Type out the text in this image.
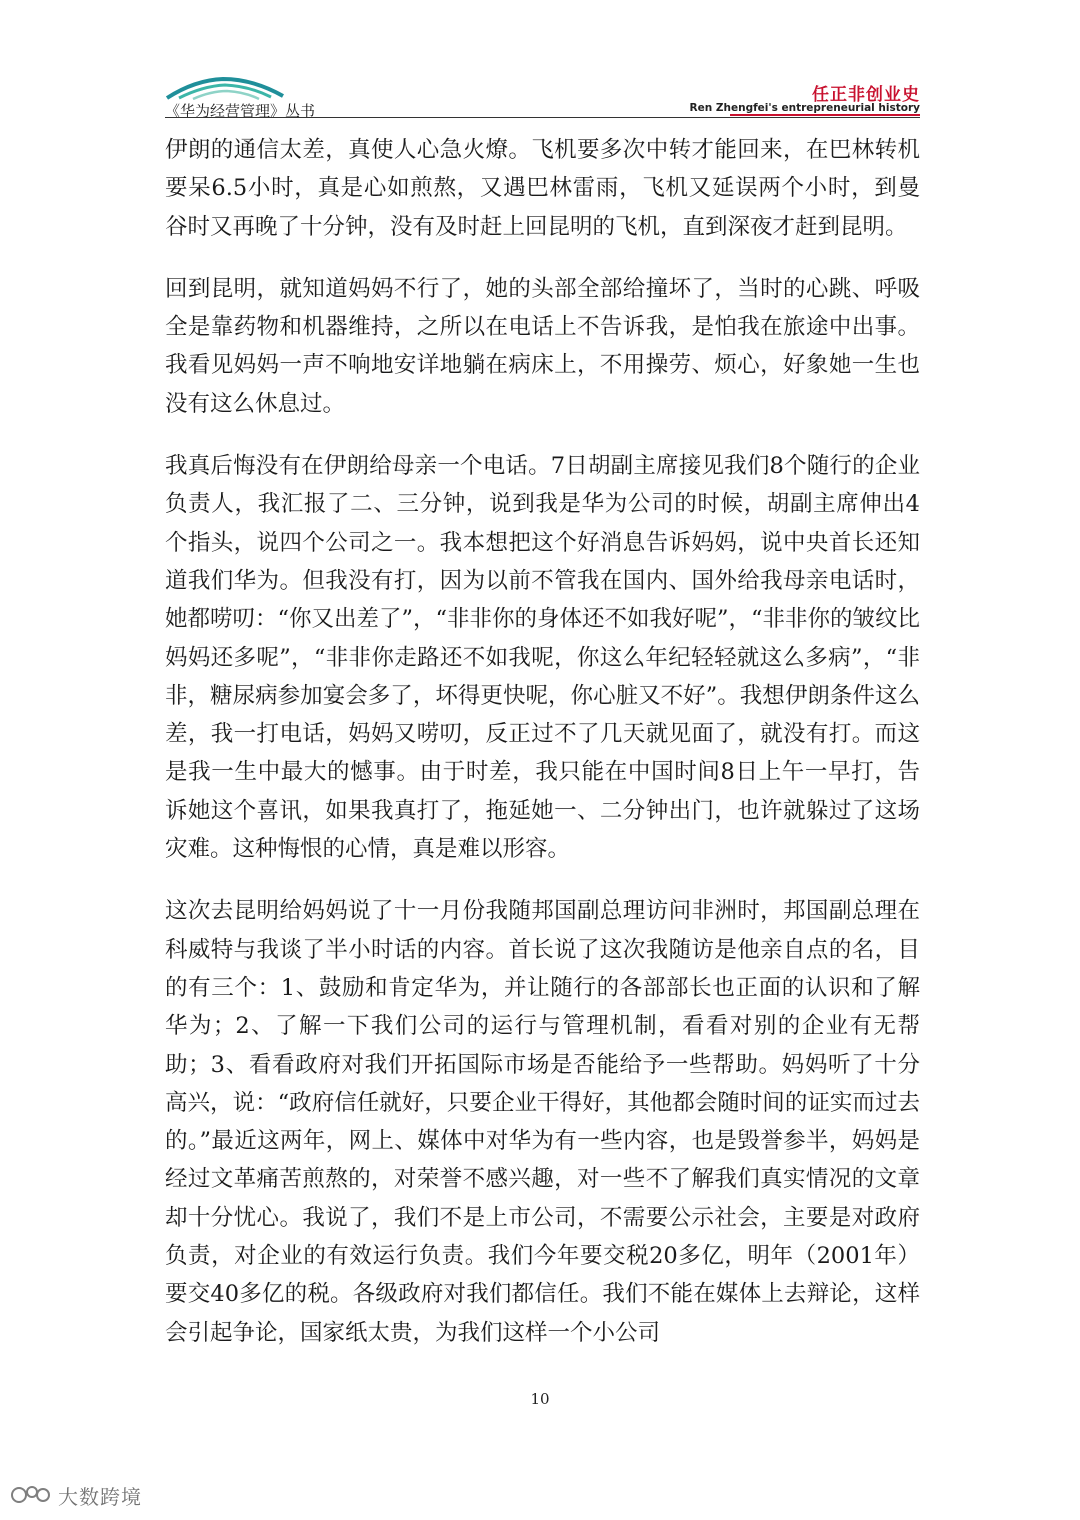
《华为经营管理》丛书
任正非创业史
Ren Zhengfei's entrepreneurial history

伊朗的通信太差，真使人心急火燎。飞机要多次中转才能回来，在巴林转机要呆6.5小时，真是心如煎熬，又遇巴林雷雨，飞机又延误两个小时，到曼谷时又再晚了十分钟，没有及时赶上回昆明的飞机，直到深夜才赶到昆明。

回到昆明，就知道妈妈不行了，她的头部全部给撞坏了，当时的心跳、呼吸全是靠药物和机器维持，之所以在电话上不告诉我，是怕我在旅途中出事。我看见妈妈一声不响地安详地躺在病床上，不用操劳、烦心，好象她一生也没有这么休息过。

我真后悔没有在伊朗给母亲一个电话。7日胡副主席接见我们8个随行的企业负责人，我汇报了二、三分钟，说到我是华为公司的时候，胡副主席伸出4个指头，说四个公司之一。我本想把这个好消息告诉妈妈，说中央首长还知道我们华为。但我没有打，因为以前不管我在国内、国外给我母亲电话时，她都唠叨：“你又出差了”，“非非你的身体还不如我好呢”，“非非你的皱纹比妈妈还多呢”，“非非你走路还不如我呢，你这么年纪轻轻就这么多病”，“非非，糖尿病参加宴会多了，坏得更快呢，你心脏又不好”。我想伊朗条件这么差，我一打电话，妈妈又唠叨，反正过不了几天就见面了，就没有打。而这是我一生中最大的憾事。由于时差，我只能在中国时间8日上午一早打，告诉她这个喜讯，如果我真打了，拖延她一、二分钟出门，也许就躲过了这场灾难。这种悔恨的心情，真是难以形容。

这次去昆明给妈妈说了十一月份我随邦国副总理访问非洲时，邦国副总理在科威特与我谈了半小时话的内容。首长说了这次我随访是他亲自点的名，目的有三个：1、鼓励和肯定华为，并让随行的各部部长也正面的认识和了解华为；2、了解一下我们公司的运行与管理机制，看看对别的企业有无帮助；3、看看政府对我们开拓国际市场是否能给予一些帮助。妈妈听了十分高兴，说：“政府信任就好，只要企业干得好，其他都会随时间的证实而过去的。”最近这两年，网上、媒体中对华为有一些内容，也是毁誉参半，妈妈是经过文革痛苦煎熬的，对荣誉不感兴趣，对一些不了解我们真实情况的文章却十分忧心。我说了，我们不是上市公司，不需要公示社会，主要是对政府负责，对企业的有效运行负责。我们今年要交税20多亿，明年（2001年）要交40多亿的税。各级政府对我们都信任。我们不能在媒体上去辩论，这样会引起争论，国家纸太贵，为我们这样一个小公司

10
大数跨境
